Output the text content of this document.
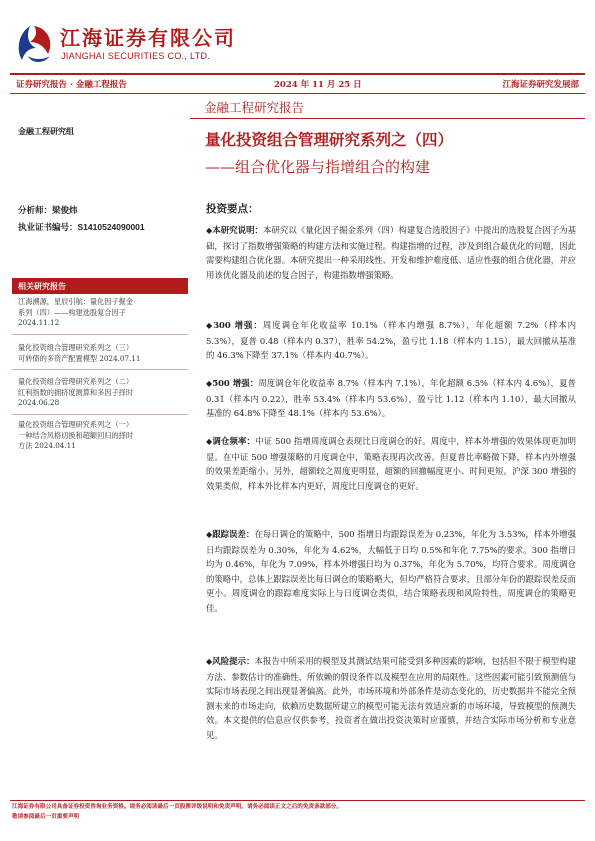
江海证券有限公司
JIANGHAI SECURITIES CO., LTD.
证券研究报告 · 金融工程报告	2024 年 11 月 25 日	江海证券研究发展部
金融工程研究报告
量化投资组合管理研究系列之（四）
——组合优化器与指增组合的构建
金融工程研究组
分析师：梁俊炜
执业证书编号：S1410524090001
相关研究报告
江海溯源，星辰引航：量化因子掘金
系列（四）——构建选股复合因子
2024.11.12
量化投资组合管理研究系列之（三）
可转债的多资产配置模型 2024.07.11
量化投资组合管理研究系列之（二）
红利指数的拥挤度测算和多因子择时
2024.06.28
量化投资组合管理研究系列之（一）
一种结合风格切换和超额回归的择时
方法 2024.04.11
投资要点：
◆本研究说明：本研究以《量化因子掘金系列（四）构建复合选股因子》中提出的选股复合因子为基础，探讨了指数增强策略的构建方法和实施过程。构建指增的过程，涉及到组合最优化的问题，因此需要构建组合优化器。本研究提出一种采用线性、开发和维护难度低、适应性强的组合优化器，并应用该优化器及前述的复合因子，构建指数增强策略。
◆300 增强：周度调仓年化收益率 10.1%（样本内增强 8.7%），年化超额 7.2%（样本内 5.3%），夏普 0.48（样本内 0.37），胜率 54.2%，盈亏比 1.18（样本内 1.15），最大回撤从基准的 46.3%下降至 37.1%（样本内 40.7%）。
◆500 增强：周度调仓年化收益率 8.7%（样本内 7.1%），年化超额 6.5%（样本内 4.6%），夏普 0.31（样本内 0.22），胜率 53.4%（样本内 53.6%），盈亏比 1.12（样本内 1.10），最大回撤从基准的 64.8%下降至 48.1%（样本内 53.6%）。
◆调仓频率：中证 500 指增周度调仓表现比日度调仓的好。周度中，样本外增强的效果体现更加明显。在中证 500 增强策略的月度调仓中，策略表现再次改善。但夏普比率略微下降，样本内外增强的效果差距缩小。另外，超额较之周度更明显，超额的回撤幅度更小、时间更短。沪深 300 增强的效果类似，样本外比样本内更好，周度比日度调仓的更好。
◆跟踪误差：在每日调仓的策略中，500 指增日均跟踪误差为 0.23%，年化为 3.53%，样本外增强日均跟踪误差为 0.30%，年化为 4.62%，大幅低于日均 0.5%和年化 7.75%的要求。300 指增日均为 0.46%，年化为 7.09%，样本外增强日均为 0.37%，年化为 5.70%，均符合要求。周度调仓的策略中，总体上跟踪误差比每日调仓的策略略大，但均严格符合要求，且部分年份的跟踪误差反而更小。周度调仓的跟踪难度实际上与日度调仓类似，结合策略表现和风险特性，周度调仓的策略更佳。
◆风险提示：本报告中所采用的模型及其测试结果可能受到多种因素的影响，包括但不限于模型构建方法、参数估计的准确性、所依赖的假设条件以及模型在应用的局限性。这些因素可能引致预测值与实际市场表现之间出现显著偏离。此外，市场环境和外部条件是动态变化的，历史数据并不能完全预测未来的市场走向，依赖历史数据所建立的模型可能无法有效适应新的市场环境，导致模型的预测失效。本文提供的信息应仅供参考，投资者在做出投资决策时应谨慎，并结合实际市场分析和专业意见。
江海证券有限公司具备证券投资咨询业务资格。请务必阅读最后一页股票评级说明和免责声明。请务必阅读正文之后的免责条款部分。
敬请参阅最后一页重要声明
